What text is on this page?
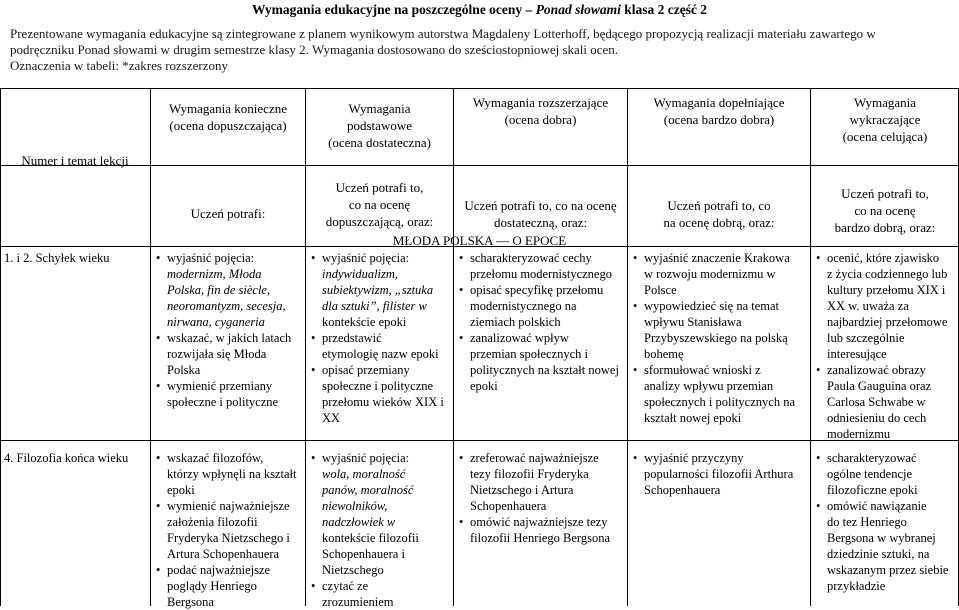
Wymagania edukacyjne na poszczególne oceny – Ponad słowami klasa 2 część 2
Prezentowane wymagania edukacyjne są zintegrowane z planem wynikowym autorstwa Magdaleny Lotterhoff, będącego propozycją realizacji materiału zawartego w
podręczniku Ponad słowami w drugim semestrze klasy 2. Wymagania dostosowano do sześciostopniowej skali ocen.
Oznaczenia w tabeli: *zakres rozszerzony
Numer i temat lekcji
Wymagania konieczne
(ocena dopuszczająca)
Wymagania
podstawowe
(ocena dostateczna)
Wymagania rozszerzające
(ocena dobra)
Wymagania dopełniające
(ocena bardzo dobra)
Wymagania
wykraczające
(ocena celująca)
Uczeń potrafi:
Uczeń potrafi to,
co na ocenę
dopuszczającą, oraz:
Uczeń potrafi to, co na ocenę
dostateczną, oraz:
Uczeń potrafi to, co
na ocenę dobrą, oraz:
Uczeń potrafi to,
co na ocenę
bardzo dobrą, oraz:
MŁODA POLSKA — O EPOCE
1. i 2. Schyłek wieku	• wyjaśnić pojęcia:
modernizm, Młoda
Polska, fin de siècle,
neoromantyzm, secesja,
nirwana, cyganeria
• wskazać, w jakich latach
rozwijała się Młoda
Polska
• wymienić przemiany
społeczne i polityczne
• wyjaśnić pojęcia:
indywidualizm,
subiektywizm, „sztuka
dla sztuki”, filister w
kontekście epoki
• przedstawić
etymologię nazw epoki
• opisać przemiany
społeczne i polityczne
przełomu wieków XIX i
XX
• scharakteryzować cechy
przełomu modernistycznego
• opisać specyfikę przełomu
modernistycznego na
ziemiach polskich
• zanalizować wpływ
przemian społecznych i
politycznych na kształt nowej
epoki
• wyjaśnić znaczenie Krakowa
w rozwoju modernizmu w
Polsce
• wypowiedzieć się na temat
wpływu Stanisława
Przybyszewskiego na polską
bohemę
• sformułować wnioski z
analizy wpływu przemian
społecznych i politycznych na
kształt nowej epoki
• ocenić, które zjawisko
z życia codziennego lub
kultury przełomu XIX i
XX w. uważa za
najbardziej przełomowe
lub szczególnie
interesujące
• zanalizować obrazy
Paula Gauguina oraz
Carlosa Schwabe w
odniesieniu do cech
modernizmu
4. Filozofia końca wieku	• wskazać filozofów,
którzy wpłynęli na kształt
epoki
• wymienić najważniejsze
założenia filozofii
Fryderyka Nietzschego i
Artura Schopenhauera
• podać najważniejsze
poglądy Henriego
Bergsona
• wyjaśnić pojęcia:
wola, moralność
panów, moralność
niewolników,
nadczłowiek w
kontekście filozofii
Schopenhauera i
Nietzschego
• czytać ze
zrozumieniem
• zreferować najważniejsze
tezy filozofii Fryderyka
Nietzschego i Artura
Schopenhauera
• omówić najważniejsze tezy
filozofii Henriego Bergsona
• wyjaśnić przyczyny
popularności filozofii Arthura
Schopenhauera
• scharakteryzować
ogólne tendencje
filozoficzne epoki
• omówić nawiązanie
do tez Henriego
Bergsona w wybranej
dziedzinie sztuki, na
wskazanym przez siebie
przykładzie
